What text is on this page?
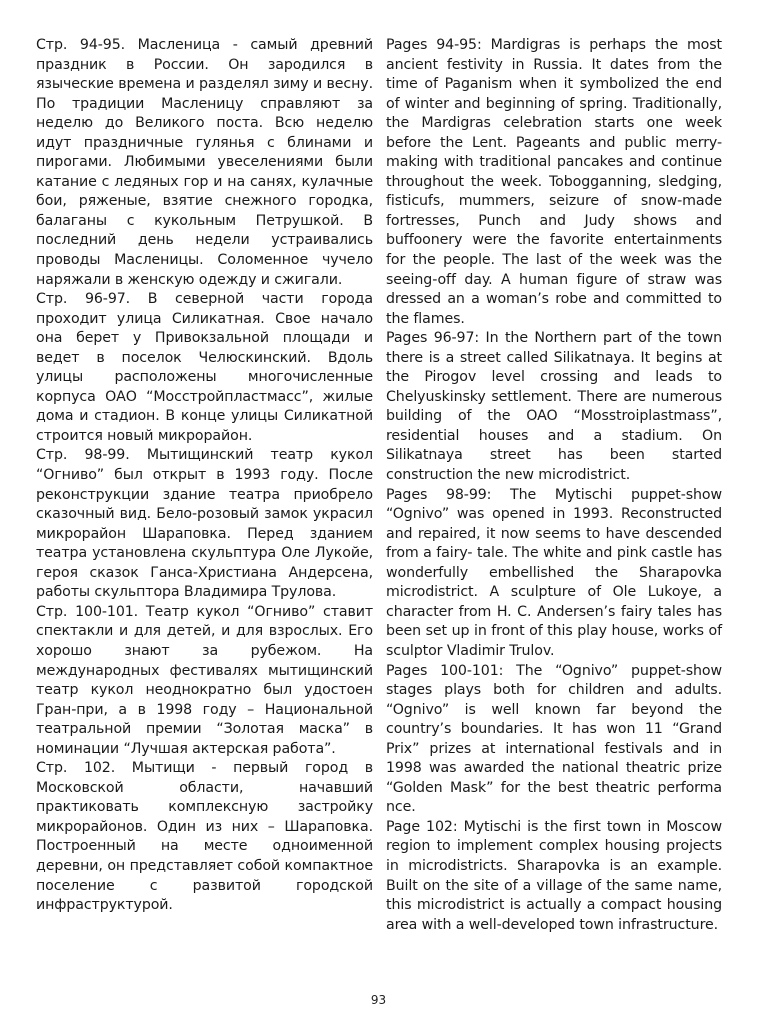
Стр. 94-95. Масленица - самый древний праздник в России. Он зародился в языческие времена и разделял зиму и весну. По традиции Масленицу справляют за неделю до Великого поста. Всю неделю идут праздничные гулянья с блинами и пирогами. Любимыми увеселениями были катание с ледяных гор и на санях, кулачные бои, ряженые, взятие снежного городка, балаганы с кукольным Петрушкой. В последний день недели устраивались проводы Масленицы. Соломенное чучело наряжали в женскую одежду и сжигали.

Стр. 96-97. В северной части города проходит улица Силикатная. Свое начало она берет у Привокзальной площади и ведет в поселок Челюскинский. Вдоль улицы расположены многочисленные корпуса ОАО “Мосстройпластмасс”, жилые дома и стадион. В конце улицы Силикатной строится новый микрорайон.

Стр. 98-99. Мытищинский театр кукол “Огниво” был открыт в 1993 году. После реконструкции здание театра приобрело сказочный вид. Бело-розовый замок украсил микрорайон Шараповка. Перед зданием театра установлена скульптура Оле Лукойе, героя сказок Ганса-Христиана Андерсена, работы скульптора Владимира Трулова.

Стр. 100-101. Театр кукол “Огниво” ставит спектакли и для детей, и для взрослых. Его хорошо знают за рубежом. На международных фестивалях мытищинский театр кукол неоднократно был удостоен Гран-при, а в 1998 году – Национальной театральной премии “Золотая маска” в номинации “Лучшая актерская работа”.

Стр. 102. Мытищи - первый город в Московской области, начавший практиковать комплексную застройку микрорайонов. Один из них – Шараповка. Построенный на месте одноименной деревни, он представляет собой компактное поселение с развитой городской инфраструктурой.

Pages 94-95: Mardigras is perhaps the most ancient festivity in Russia. It dates from the time of Paganism when it symbolized the end of winter and beginning of spring. Traditionally, the Mardigras celebration starts one week before the Lent. Pageants and public merry-making with traditional pancakes and continue throughout the week. Tobogganning, sledging, fisticufs, mummers, seizure of snow-made fortresses, Punch and Judy shows and buffoonery were the favorite entertainments for the people. The last of the week was the seeing-off day. A human figure of straw was dressed an a woman’s robe and committed to the flames.

Pages 96-97: In the Northern part of the town there is a street called Silikatnaya. It begins at the Pirogov level crossing and leads to Chelyuskinsky settlement. There are numerous building of the OAO “Mosstroiplastmass”, residential houses and a stadium. On Silikatnaya street has been started construction the new microdistrict.

Pages 98-99: The Mytischi puppet-show “Ognivo” was opened in 1993. Reconstructed and repaired, it now seems to have descended from a fairy- tale. The white and pink castle has wonderfully embellished the Sharapovka microdistrict. A sculpture of Ole Lukoye, a character from H. C. Andersen’s fairy tales has been set up in front of this play house, works of sculptor Vladimir Trulov.

Pages 100-101: The “Ognivo” puppet-show stages plays both for children and adults. “Ognivo” is well known far beyond the country’s boundaries. It has won 11 “Grand Prix” prizes at international festivals and in 1998 was awarded the national theatric prize “Golden Mask” for the best theatric performa nce.

Page 102: Mytischi is the first town in Moscow region to implement complex housing projects in microdistricts. Sharapovka is an example. Built on the site of a village of the same name, this microdistrict is actually a compact housing area with a well-developed town infrastructure.

93
